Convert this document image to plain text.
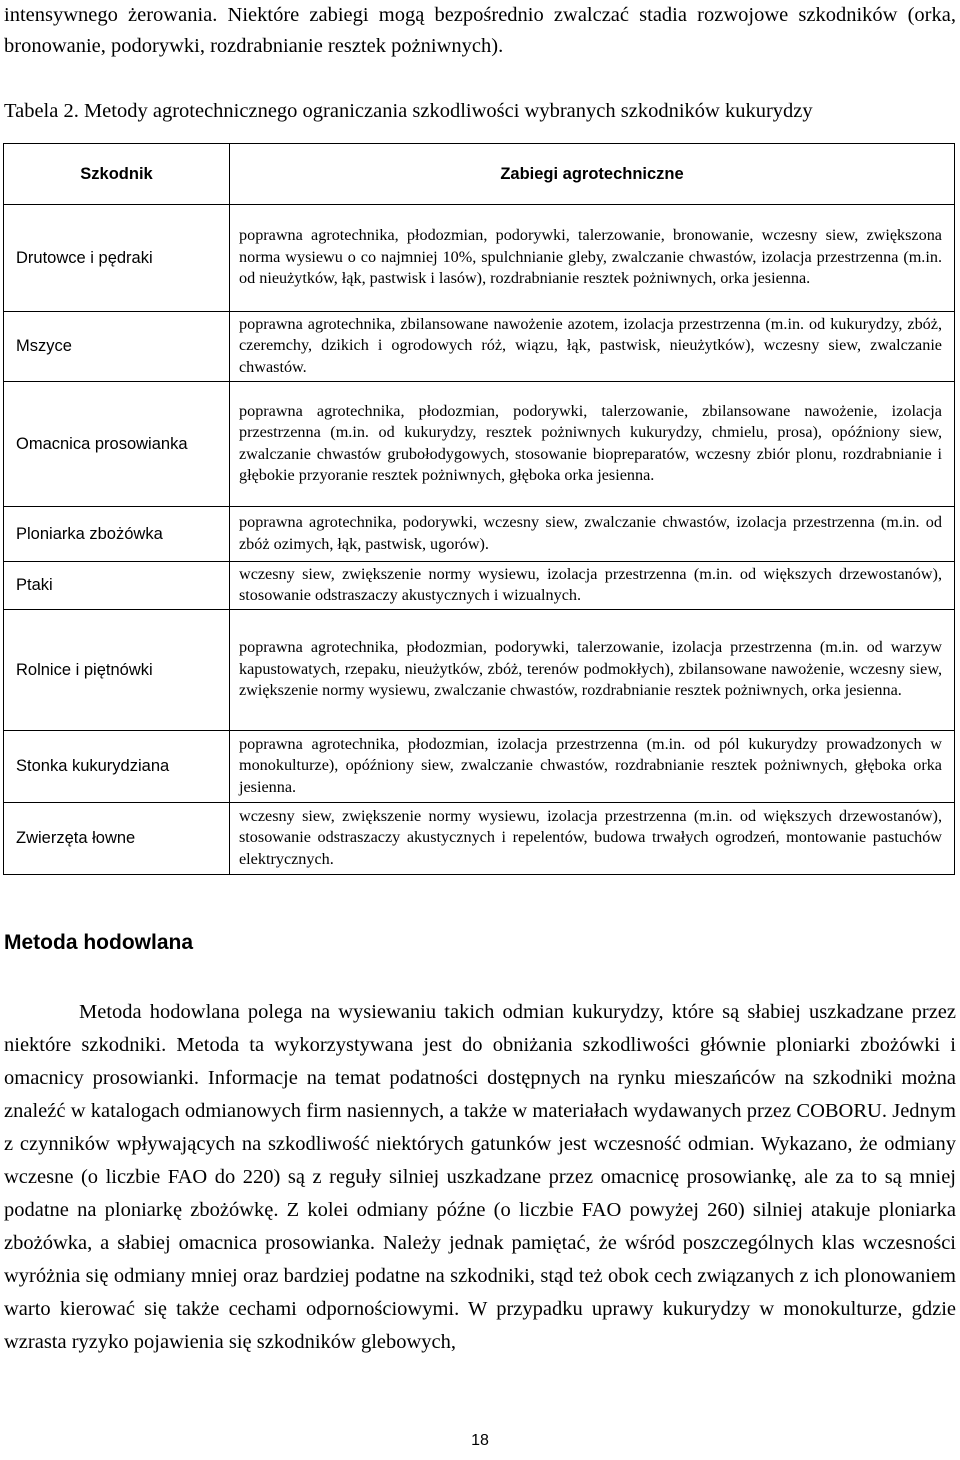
intensywnego żerowania. Niektóre zabiegi mogą bezpośrednio zwalczać stadia rozwojowe szkodników (orka, bronowanie, podorywki, rozdrabnianie resztek pożniwnych).

Tabela 2. Metody agrotechnicznego ograniczania szkodliwości wybranych szkodników kukurydzy
Szkodnik	Zabiegi agrotechniczne
Drutowce i pędraki	poprawna agrotechnika, płodozmian, podorywki, talerzowanie, bronowanie, wczesny siew, zwiększona norma wysiewu o co najmniej 10%, spulchnianie gleby, zwalczanie chwastów, izolacja przestrzenna (m.in. od nieużytków, łąk, pastwisk i lasów), rozdrabnianie resztek pożniwnych, orka jesienna.
Mszyce	poprawna agrotechnika, zbilansowane nawożenie azotem, izolacja przestrzenna (m.in. od kukurydzy, zbóż, czeremchy, dzikich i ogrodowych róż, wiązu, łąk, pastwisk, nieużytków), wczesny siew, zwalczanie chwastów.
Omacnica prosowianka	poprawna agrotechnika, płodozmian, podorywki, talerzowanie, zbilansowane nawożenie, izolacja przestrzenna (m.in. od kukurydzy, resztek pożniwnych kukurydzy, chmielu, prosa), opóźniony siew, zwalczanie chwastów grubołodygowych, stosowanie biopreparatów, wczesny zbiór plonu, rozdrabnianie i głębokie przyoranie resztek pożniwnych, głęboka orka jesienna.
Ploniarka zbożówka	poprawna agrotechnika, podorywki, wczesny siew, zwalczanie chwastów, izolacja przestrzenna (m.in. od zbóż ozimych, łąk, pastwisk, ugorów).
Ptaki	wczesny siew, zwiększenie normy wysiewu, izolacja przestrzenna (m.in. od większych drzewostanów), stosowanie odstraszaczy akustycznych i wizualnych.
Rolnice i piętnówki	poprawna agrotechnika, płodozmian, podorywki, talerzowanie, izolacja przestrzenna (m.in. od warzyw kapustowatych, rzepaku, nieużytków, zbóż, terenów podmokłych), zbilansowane nawożenie, wczesny siew, zwiększenie normy wysiewu, zwalczanie chwastów, rozdrabnianie resztek pożniwnych, orka jesienna.
Stonka kukurydziana	poprawna agrotechnika, płodozmian, izolacja przestrzenna (m.in. od pól kukurydzy prowadzonych w monokulturze), opóźniony siew, zwalczanie chwastów, rozdrabnianie resztek pożniwnych, głęboka orka jesienna.
Zwierzęta łowne	wczesny siew, zwiększenie normy wysiewu, izolacja przestrzenna (m.in. od większych drzewostanów), stosowanie odstraszaczy akustycznych i repelentów, budowa trwałych ogrodzeń, montowanie pastuchów elektrycznych.
Metoda hodowlana

Metoda hodowlana polega na wysiewaniu takich odmian kukurydzy, które są słabiej uszkadzane przez niektóre szkodniki. Metoda ta wykorzystywana jest do obniżania szkodliwości głównie ploniarki zbożówki i omacnicy prosowianki. Informacje na temat podatności dostępnych na rynku mieszańców na szkodniki można znaleźć w katalogach odmianowych firm nasiennych, a także w materiałach wydawanych przez COBORU. Jednym z czynników wpływających na szkodliwość niektórych gatunków jest wczesność odmian. Wykazano, że odmiany wczesne (o liczbie FAO do 220) są z reguły silniej uszkadzane przez omacnicę prosowiankę, ale za to są mniej podatne na ploniarkę zbożówkę. Z kolei odmiany późne (o liczbie FAO powyżej 260) silniej atakuje ploniarka zbożówka, a słabiej omacnica prosowianka. Należy jednak pamiętać, że wśród poszczególnych klas wczesności wyróżnia się odmiany mniej oraz bardziej podatne na szkodniki, stąd też obok cech związanych z ich plonowaniem warto kierować się także cechami odpornościowymi. W przypadku uprawy kukurydzy w monokulturze, gdzie wzrasta ryzyko pojawienia się szkodników glebowych,

18
